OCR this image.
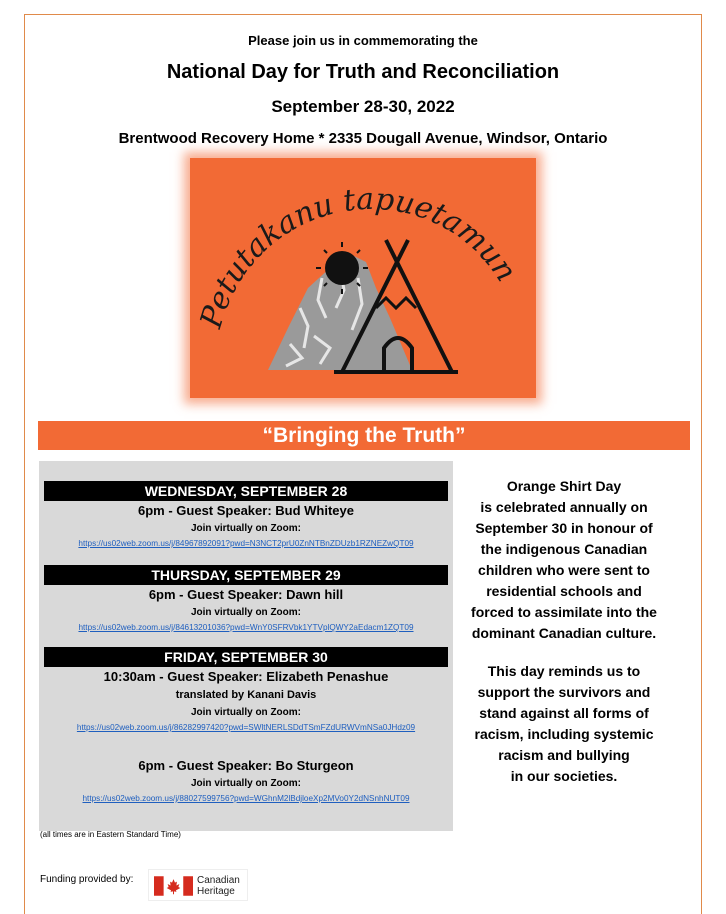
Please join us in commemorating the
National Day for Truth and Reconciliation
September 28-30, 2022
Brentwood Recovery Home * 2335 Dougall Avenue, Windsor, Ontario
Petutakanu tapuetamun
“Bringing the Truth”
WEDNESDAY, SEPTEMBER 28
6pm - Guest Speaker: Bud Whiteye
Join virtually on Zoom:
https://us02web.zoom.us/j/84967892091?pwd=N3NCT2prU0ZnNTBnZDUzb1RZNEZwQT09
THURSDAY, SEPTEMBER 29
6pm - Guest Speaker: Dawn hill
Join virtually on Zoom:
https://us02web.zoom.us/j/84613201036?pwd=WnY0SFRVbk1YTVplQWY2aEdacm1ZQT09
FRIDAY, SEPTEMBER 30
10:30am - Guest Speaker: Elizabeth Penashue
translated by Kanani Davis
Join virtually on Zoom:
https://us02web.zoom.us/j/86282997420?pwd=SWltNERLSDdTSmFZdURWVmNSa0JHdz09
6pm - Guest Speaker: Bo Sturgeon
Join virtually on Zoom:
https://us02web.zoom.us/j/88027599756?pwd=WGhnM2lBdjloeXp2MVo0Y2dNSnhNUT09
(all times are in Eastern Standard Time)
Orange Shirt Day
is celebrated annually on
September 30 in honour of
the indigenous Canadian
children who were sent to
residential schools and
forced to assimilate into the
dominant Canadian culture.
This day reminds us to
support the survivors and
stand against all forms of
racism, including systemic
racism and bullying
in our societies.
Funding provided by:	Canadian
Heritage
